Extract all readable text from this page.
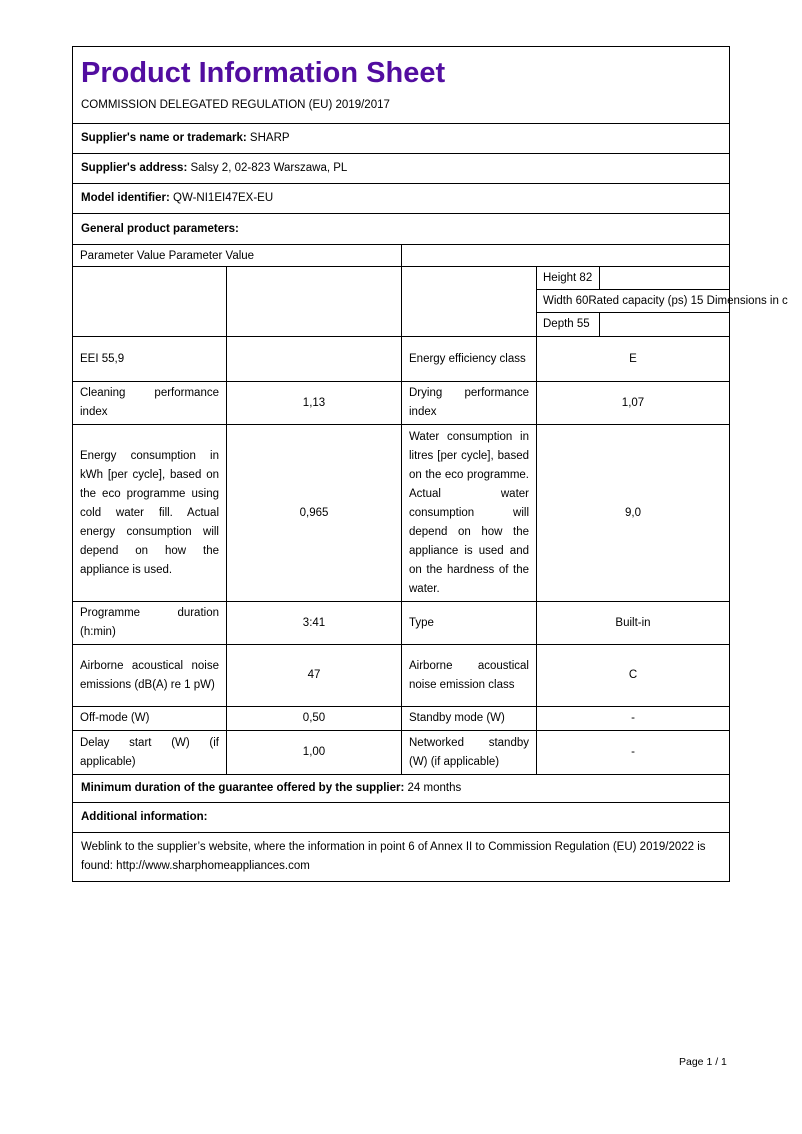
Product Information Sheet
COMMISSION DELEGATED REGULATION (EU) 2019/2017
Supplier's name or trademark: SHARP
Supplier's address: Salsy 2, 02-823 Warszawa, PL
Model identifier: QW-NI1EI47EX-EU
General product parameters:
Parameter Value Parameter Value	

Height 82
Width 60Rated capacity (ps) 15 Dimensions in c
Depth 55
EEI 55,9		Energy efficiency class	E
Cleaning performance index	1,13	Drying performance index	1,07
Energy consumption in kWh [per cycle], based on the eco programme using cold water fill. Actual energy consumption will depend on how the appliance is used.	0,965	Water consumption in litres [per cycle], based on the eco programme. Actual water consumption will depend on how the appliance is used and on the hardness of the water.	9,0
Programme duration (h:min)	3:41	Type	Built-in
Airborne acoustical noise emissions (dB(A) re 1 pW)	47	Airborne acoustical noise emission class	C
Off-mode (W)	0,50	Standby mode (W)	-
Delay start (W) (if applicable)	1,00	Networked standby (W) (if applicable)	-
Minimum duration of the guarantee offered by the supplier: 24 months
Additional information:
Weblink to the supplier’s website, where the information in point 6 of Annex II to Commission Regulation (EU) 2019/2022 is found: http://www.sharphomeappliances.com
Page 1 / 1
